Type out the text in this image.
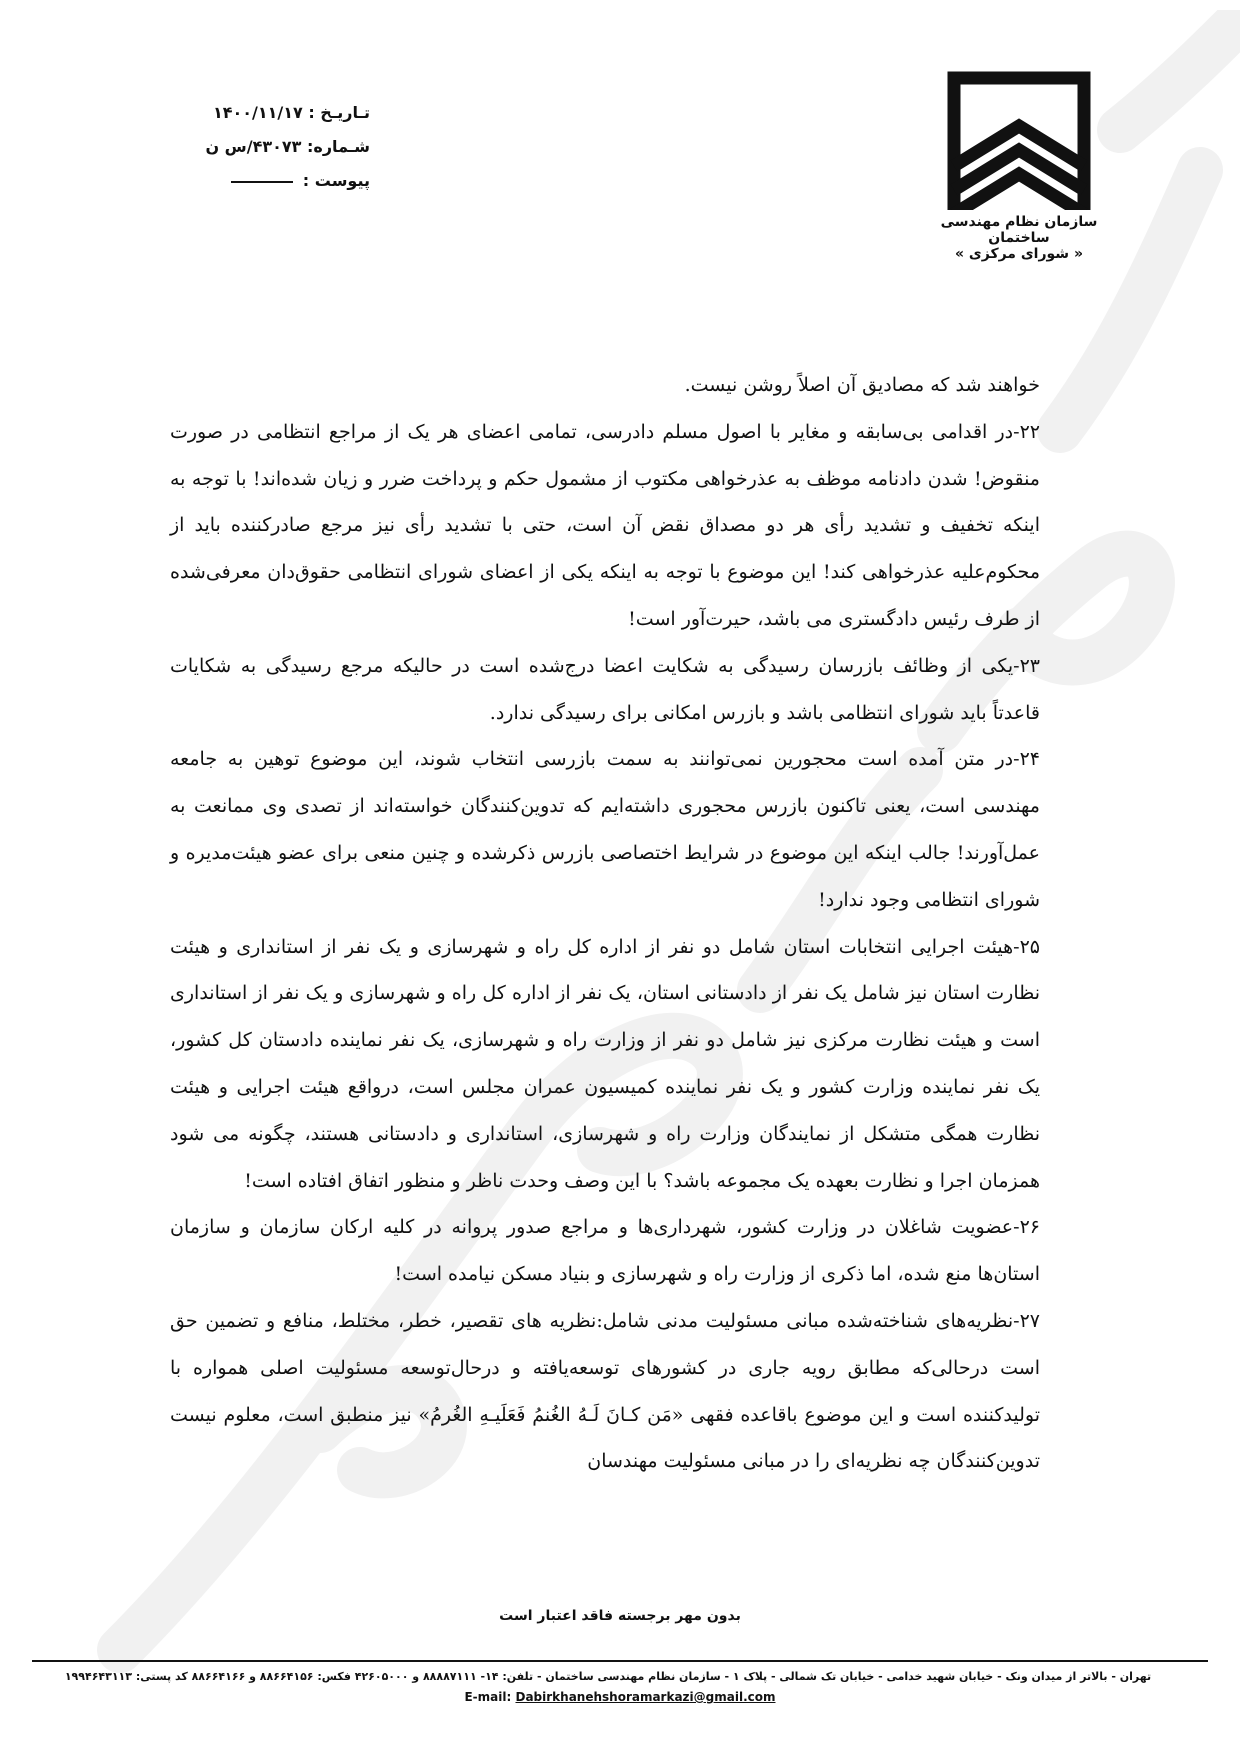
سازمان نظام مهندسی ساختمان
« شورای مرکزی »
تـاریـخ : ۱۴۰۰/۱۱/۱۷
شـماره: ۴۳۰۷۳/س ن
پیوست :

خواهند شد که مصادیق آن اصلاً روشن نیست.

۲۲-در اقدامی بی‌سابقه و مغایر با اصول مسلم دادرسی، تمامی اعضای هر یک از مراجع انتظامی در صورت منقوض! شدن دادنامه موظف به عذرخواهی مکتوب از مشمول حکم و پرداخت ضرر و زیان شده‌اند! با توجه به اینکه تخفیف و تشدید رأی هر دو مصداق نقض آن است، حتی با تشدید رأی نیز مرجع صادرکننده باید از محکوم‌علیه عذرخواهی کند! این موضوع با توجه به اینکه یکی از اعضای شورای انتظامی حقوق‌دان معرفی‌شده از طرف رئیس دادگستری می باشد، حیرت‌آور است!

۲۳-یکی از وظائف بازرسان رسیدگی به شکایت اعضا درج‌شده است در حالیکه مرجع رسیدگی به شکایات قاعدتاً باید شورای انتظامی باشد و بازرس امکانی برای رسیدگی ندارد.

۲۴-در متن آمده است محجورین نمی‌توانند به سمت بازرسی انتخاب شوند، این موضوع توهین به جامعه مهندسی است، یعنی تاکنون بازرس محجوری داشته‌ایم که تدوین‌کنندگان خواسته‌اند از تصدی وی ممانعت به عمل‌آورند! جالب اینکه این موضوع در شرایط اختصاصی بازرس ذکرشده و چنین منعی برای عضو هیئت‌مدیره و شورای انتظامی وجود ندارد!

۲۵-هیئت اجرایی انتخابات استان شامل دو نفر از اداره کل راه و شهرسازی و یک نفر از استانداری و هیئت نظارت استان نیز شامل یک نفر از دادستانی استان، یک نفر از اداره کل راه و شهرسازی و یک نفر از استانداری است و هیئت نظارت مرکزی نیز شامل دو نفر از وزارت راه و شهرسازی، یک نفر نماینده دادستان کل کشور، یک نفر نماینده وزارت کشور و یک نفر نماینده کمیسیون عمران مجلس است، درواقع هیئت اجرایی و هیئت نظارت همگی متشکل از نمایندگان وزارت راه و شهرسازی، استانداری و دادستانی هستند، چگونه می شود همزمان اجرا و نظارت بعهده یک مجموعه باشد؟ با این وصف وحدت ناظر و منظور اتفاق افتاده است!

۲۶-عضویت شاغلان در وزارت کشور، شهرداری‌ها و مراجع صدور پروانه در کلیه ارکان سازمان و سازمان استان‌ها منع شده، اما ذکری از وزارت راه و شهرسازی و بنیاد مسکن نیامده است!

۲۷-نظریه‌های شناخته‌شده مبانی مسئولیت مدنی شامل:نظریه های تقصیر، خطر، مختلط، منافع و تضمین حق است درحالی‌که مطابق رویه جاری در کشورهای توسعه‌یافته و درحال‌توسعه مسئولیت اصلی همواره با تولیدکننده است و این موضوع باقاعده فقهی «مَن کـانَ لَـهُ الغُنمُ فَعَلَیـهِ الغُرمُ» نیز منطبق است، معلوم نیست تدوین‌کنندگان چه نظریه‌ای را در مبانی مسئولیت مهندسان

بدون مهر برجسته فاقد اعتبار است
تهران - بالاتر از میدان ونک - خیابان شهید خدامی - خیابان تک شمالی - پلاک ۱ - سازمان نظام مهندسی ساختمان - تلفن: ۱۴- ۸۸۸۸۷۱۱۱ و ۴۲۶۰۵۰۰۰ فکس: ۸۸۶۶۴۱۵۶ و ۸۸۶۶۴۱۶۶ کد پستی: ۱۹۹۴۶۴۳۱۱۳
E-mail: Dabirkhanehshoramarkazi@gmail.com
